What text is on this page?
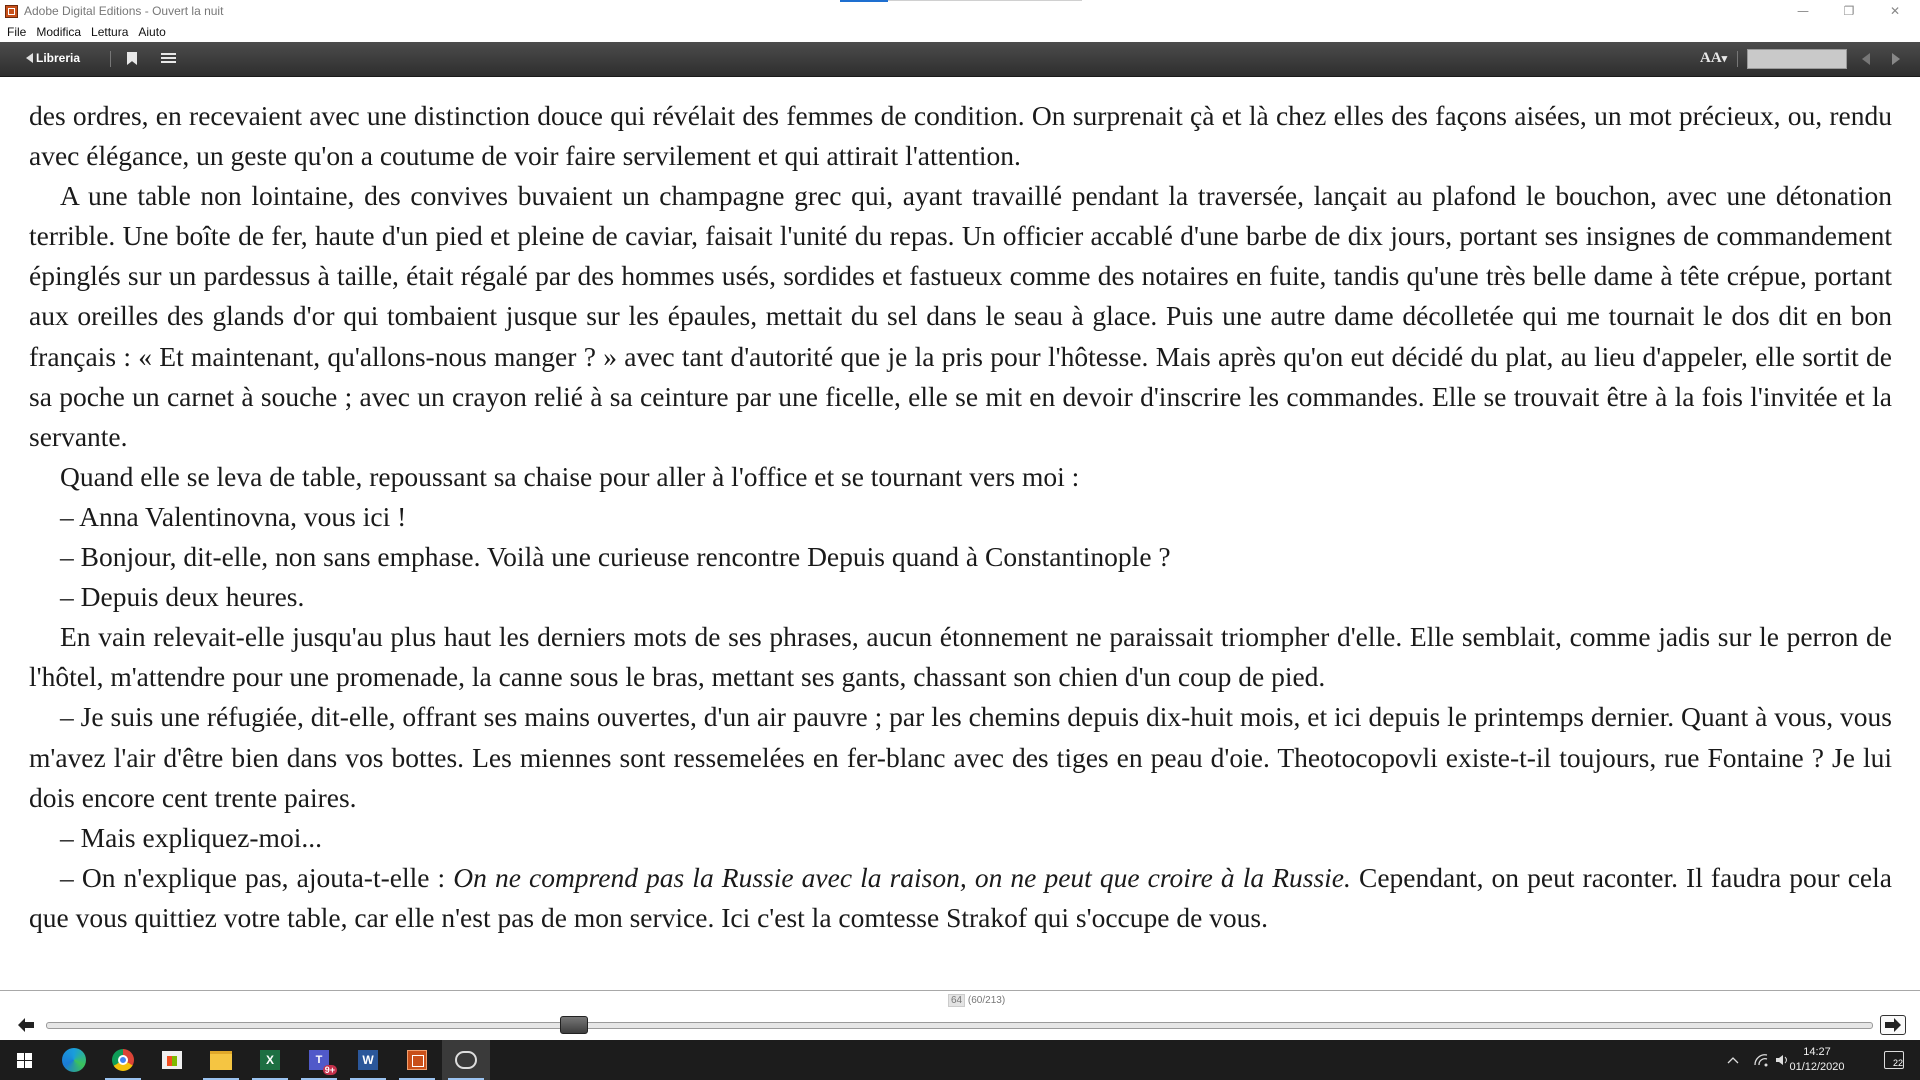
Adobe Digital Editions - Ouvert la nuit	—	❐	✕
File Modifica Lettura Aiuto
Libreria	AA▾

des ordres, en recevaient avec une distinction douce qui révélait des femmes de condition. On surprenait çà et là chez elles des façons aisées, un mot précieux, ou, rendu avec élégance, un geste qu'on a coutume de voir faire servilement et qui attirait l'attention.

A une table non lointaine, des convives buvaient un champagne grec qui, ayant travaillé pendant la traversée, lançait au plafond le bouchon, avec une détonation terrible. Une boîte de fer, haute d'un pied et pleine de caviar, faisait l'unité du repas. Un officier accablé d'une barbe de dix jours, portant ses insignes de commandement épinglés sur un pardessus à taille, était régalé par des hommes usés, sordides et fastueux comme des notaires en fuite, tandis qu'une très belle dame à tête crépue, portant aux oreilles des glands d'or qui tombaient jusque sur les épaules, mettait du sel dans le seau à glace. Puis une autre dame décolletée qui me tournait le dos dit en bon français : « Et maintenant, qu'allons-nous manger ? » avec tant d'autorité que je la pris pour l'hôtesse. Mais après qu'on eut décidé du plat, au lieu d'appeler, elle sortit de sa poche un carnet à souche ; avec un crayon relié à sa ceinture par une ficelle, elle se mit en devoir d'inscrire les commandes. Elle se trouvait être à la fois l'invitée et la servante.

Quand elle se leva de table, repoussant sa chaise pour aller à l'office et se tournant vers moi :

– Anna Valentinovna, vous ici !

– Bonjour, dit-elle, non sans emphase. Voilà une curieuse rencontre Depuis quand à Constantinople ?

– Depuis deux heures.

En vain relevait-elle jusqu'au plus haut les derniers mots de ses phrases, aucun étonnement ne paraissait triompher d'elle. Elle semblait, comme jadis sur le perron de l'hôtel, m'attendre pour une promenade, la canne sous le bras, mettant ses gants, chassant son chien d'un coup de pied.

– Je suis une réfugiée, dit-elle, offrant ses mains ouvertes, d'un air pauvre ; par les chemins depuis dix-huit mois, et ici depuis le printemps dernier. Quant à vous, vous m'avez l'air d'être bien dans vos bottes. Les miennes sont ressemelées en fer-blanc avec des tiges en peau d'oie. Theotocopovli existe-t-il toujours, rue Fontaine ? Je lui dois encore cent trente paires.

– Mais expliquez-moi...

– On n'explique pas, ajouta-t-elle : On ne comprend pas la Russie avec la raison, on ne peut que croire à la Russie. Cependant, on peut raconter. Il faudra pour cela que vous quittiez votre table, car elle n'est pas de mon service. Ici c'est la comtesse Strakof qui s'occupe de vous.

64 (60/213)
X	T
9+
W
14:27
01/12/2020	22
